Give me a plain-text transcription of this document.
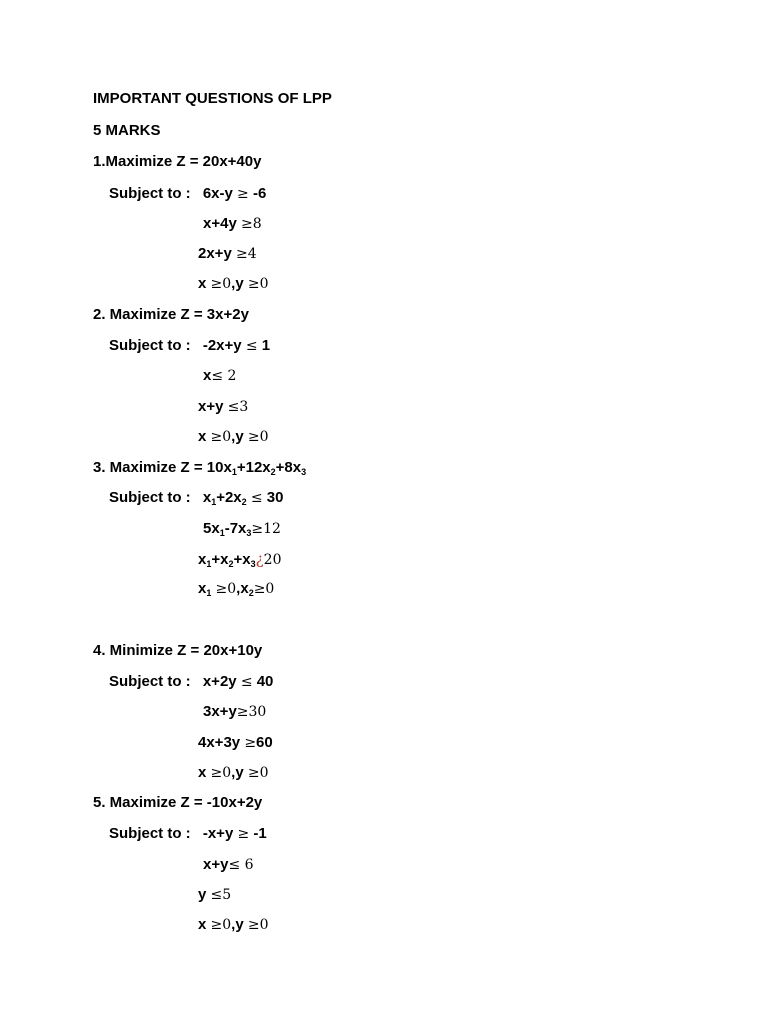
IMPORTANT QUESTIONS OF LPP
5 MARKS
1.Maximize Z = 20x+40y
Subject to : 6x-y ≥ -6
x+4y ≥8
2x+y ≥4
x ≥0,y ≥0
2. Maximize Z = 3x+2y
Subject to : -2x+y ≤ 1
x≤ 2
x+y ≤3
x ≥0,y ≥0
3. Maximize $Z = 10x_1+12x_2+8x_3$
Subject to : $x_1+2x_2 \le 30$
$5x_1-7x_3\ge 12$
$x_1+x_2+x_3¿20$
$x_1 \ge 0,x_2\ge 0$
4. Minimize Z = 20x+10y
Subject to : x+2y ≤ 40
3x+y≥30
4x+3y ≥60
x ≥0,y ≥0
5. Maximize Z = -10x+2y
Subject to : -x+y ≥ -1
x+y≤ 6
y ≤5
x ≥0,y ≥0
